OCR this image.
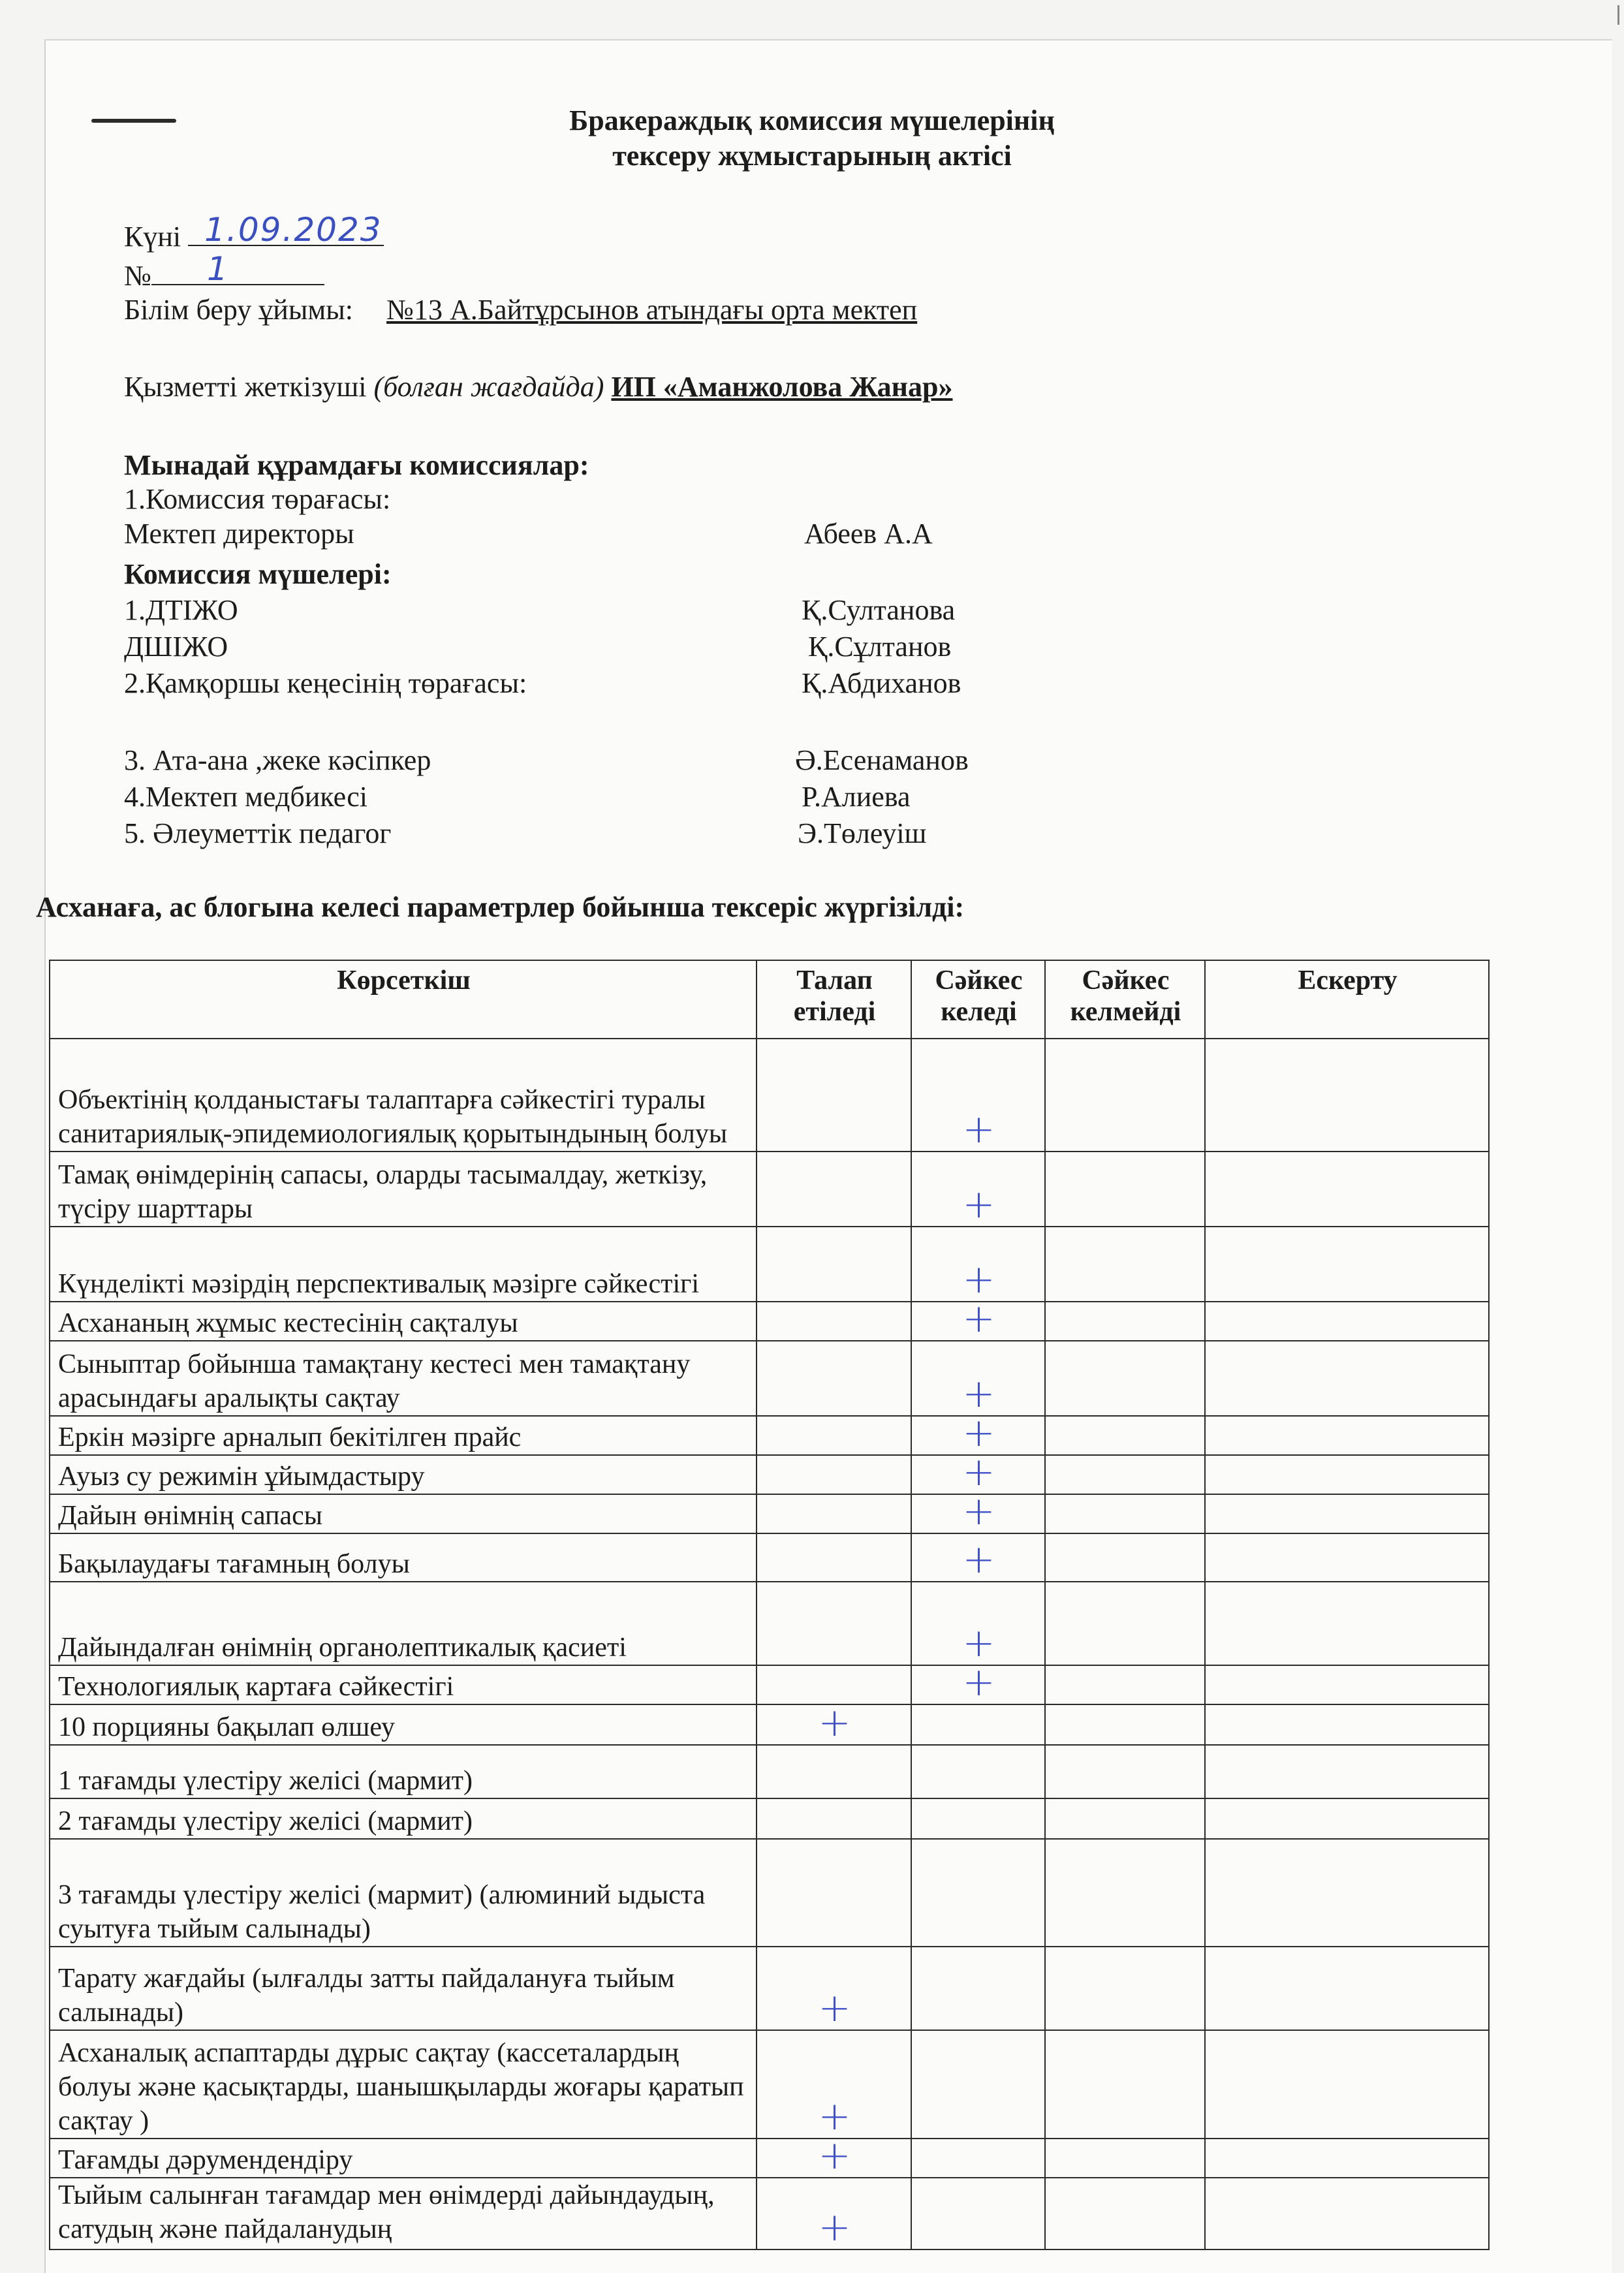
Бракераждық комиссия мүшелерінің
тексеру жұмыстарының актісі
Күні 1.09.2023
№ 1
Білім беру ұйымы: №13 А.Байтұрсынов атындағы орта мектеп
Қызметті жеткізуші (болған жағдайда) ИП «Аманжолова Жанар»
Мынадай құрамдағы комиссиялар:
1.Комиссия төрағасы:
Мектеп директоры	Абеев А.А
Комиссия мүшелері:
1.ДТІЖО	Қ.Султанова
ДШІЖО	Қ.Сұлтанов
2.Қамқоршы кеңесінің төрағасы:	Қ.Абдиханов
3. Ата-ана ,жеке кәсіпкер	Ә.Есенаманов
4.Мектеп медбикесі	Р.Алиева
5. Әлеуметтік педагог	Э.Төлеуіш
Асханаға, ас блогына келесі параметрлер бойынша тексеріс жүргізілді:
Көрсеткіш	Талап етіледі	Сәйкес келеді	Сәйкес келмейді	Ескерту
Объектінің қолданыстағы талаптарға сәйкестігі туралы санитариялық-эпидемиологиялық қорытындының болуы		+		
Тамақ өнімдерінің сапасы, оларды тасымалдау, жеткізу, түсіру шарттары		+		
Күнделікті мәзірдің перспективалық мәзірге сәйкестігі		+		
Асхананың жұмыс кестесінің сақталуы		+		
Сыныптар бойынша тамақтану кестесі мен тамақтану арасындағы аралықты сақтау		+		
Еркін мәзірге арналып бекітілген прайс		+		
Ауыз су режимін ұйымдастыру		+		
Дайын өнімнің сапасы		+		
Бақылаудағы тағамның болуы		+		
Дайындалған өнімнің органолептикалық қасиеті		+		
Технологиялық картаға сәйкестігі		+		
10 порцияны бақылап өлшеу	+			
1 тағамды үлестіру желісі (мармит)				
2 тағамды үлестіру желісі (мармит)				
3 тағамды үлестіру желісі (мармит) (алюминий ыдыста суытуға тыйым салынады)				
Тарату жағдайы (ылғалды затты пайдалануға тыйым салынады)	+			
Асханалық аспаптарды дұрыс сақтау (кассеталардың болуы және қасықтарды, шанышқыларды жоғары қаратып сақтау )	+			
Тағамды дәрумендендіру	+			
Тыйым салынған тағамдар мен өнімдерді дайындаудың, сатудың және пайдаланудың	+			
